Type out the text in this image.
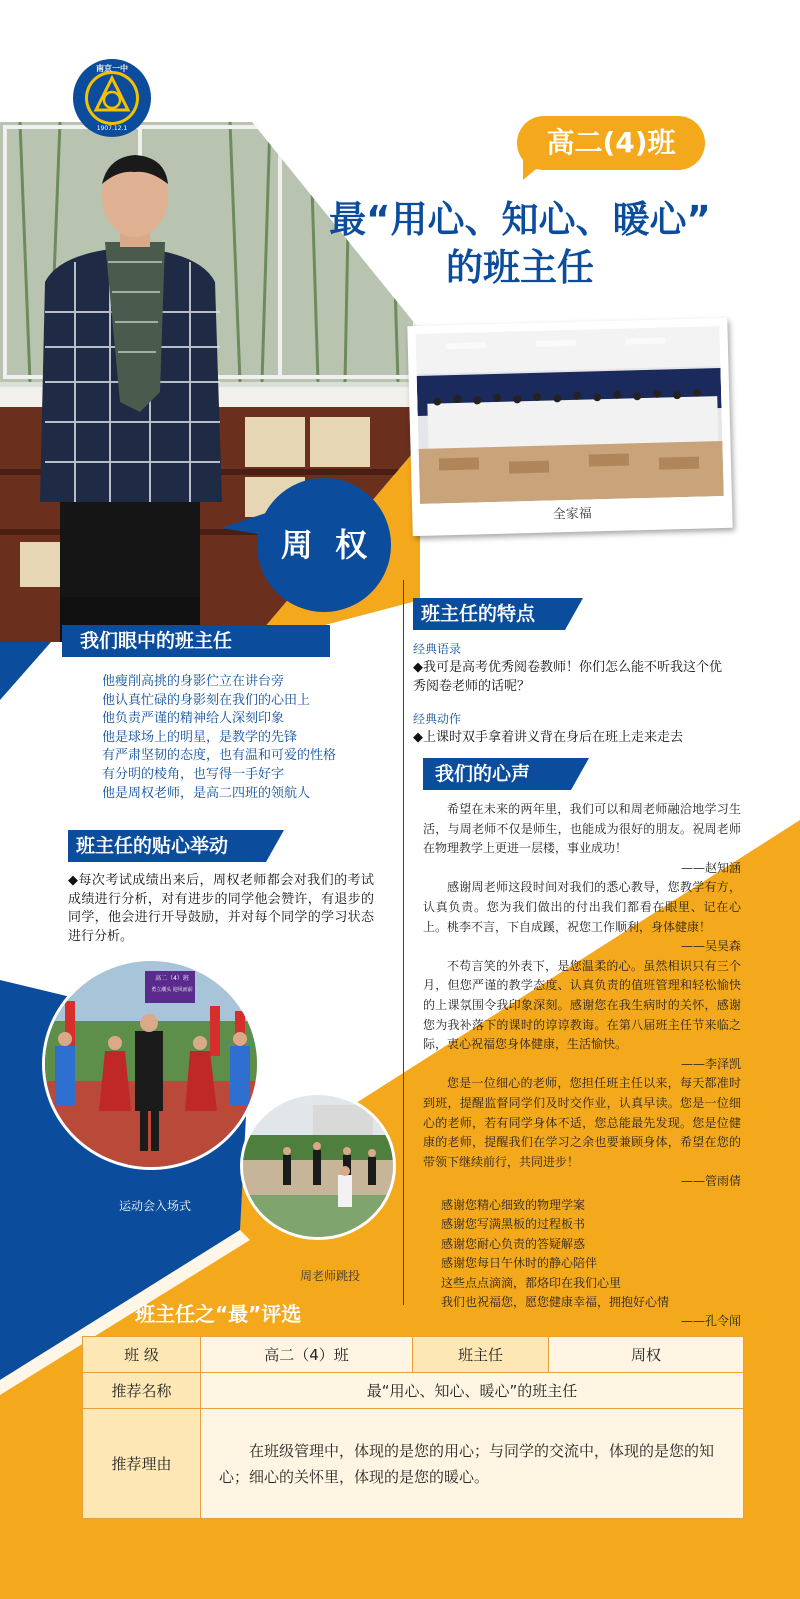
南京一中
1907.12.1	高二(4)班
最“用心、知心、暖心”
的班主任
全家福
周  权
我们眼中的班主任
他瘦削高挑的身影伫立在讲台旁
他认真忙碌的身影刻在我们的心田上
他负责严谨的精神给人深刻印象
他是球场上的明星，是教学的先锋
有严肃坚韧的态度，也有温和可爱的性格
有分明的棱角，也写得一手好字
他是周权老师，是高二四班的领航人
班主任的贴心举动
◆每次考试成绩出来后，周权老师都会对我们的考试成绩进行分析，对有进步的同学他会赞许，有退步的同学，他会进行开导鼓励，并对每个同学的学习状态进行分析。
高二（4）班
勇立潮头 迎风而前
运动会入场式
周老师跳投
班主任的特点
经典语录
◆我可是高考优秀阅卷教师！你们怎么能不听我这个优秀阅卷老师的话呢？
经典动作
◆上课时双手拿着讲义背在身后在班上走来走去
我们的心声
希望在未来的两年里，我们可以和周老师融洽地学习生活，与周老师不仅是师生，也能成为很好的朋友。祝周老师在物理教学上更进一层楼，事业成功！
——赵知涵
感谢周老师这段时间对我们的悉心教导，您教学有方，认真负责。您为我们做出的付出我们都看在眼里、记在心上。桃李不言，下自成蹊，祝您工作顺利，身体健康！
——吴昊森
不苟言笑的外表下，是您温柔的心。虽然相识只有三个月，但您严谨的教学态度、认真负责的值班管理和轻松愉快的上课氛围令我印象深刻。感谢您在我生病时的关怀，感谢您为我补落下的课时的谆谆教诲。在第八届班主任节来临之际，衷心祝福您身体健康，生活愉快。
——李泽凯
您是一位细心的老师，您担任班主任以来，每天都准时到班，提醒监督同学们及时交作业，认真早读。您是一位细心的老师，若有同学身体不适，您总能最先发现。您是位健康的老师，提醒我们在学习之余也要兼顾身体，希望在您的带领下继续前行，共同进步！
——管雨倩
感谢您精心细致的物理学案
感谢您写满黑板的过程板书
感谢您耐心负责的答疑解惑
感谢您每日午休时的静心陪伴
这些点点滴滴，都烙印在我们心里
我们也祝福您，愿您健康幸福，拥抱好心情
——孔令闻
班主任之“最”评选
班 级	高二（4）班	班主任	周权
推荐名称	最“用心、知心、暖心”的班主任		
推荐理由	在班级管理中，体现的是您的用心；与同学的交流中，体现的是您的知心；细心的关怀里，体现的是您的暖心。		
